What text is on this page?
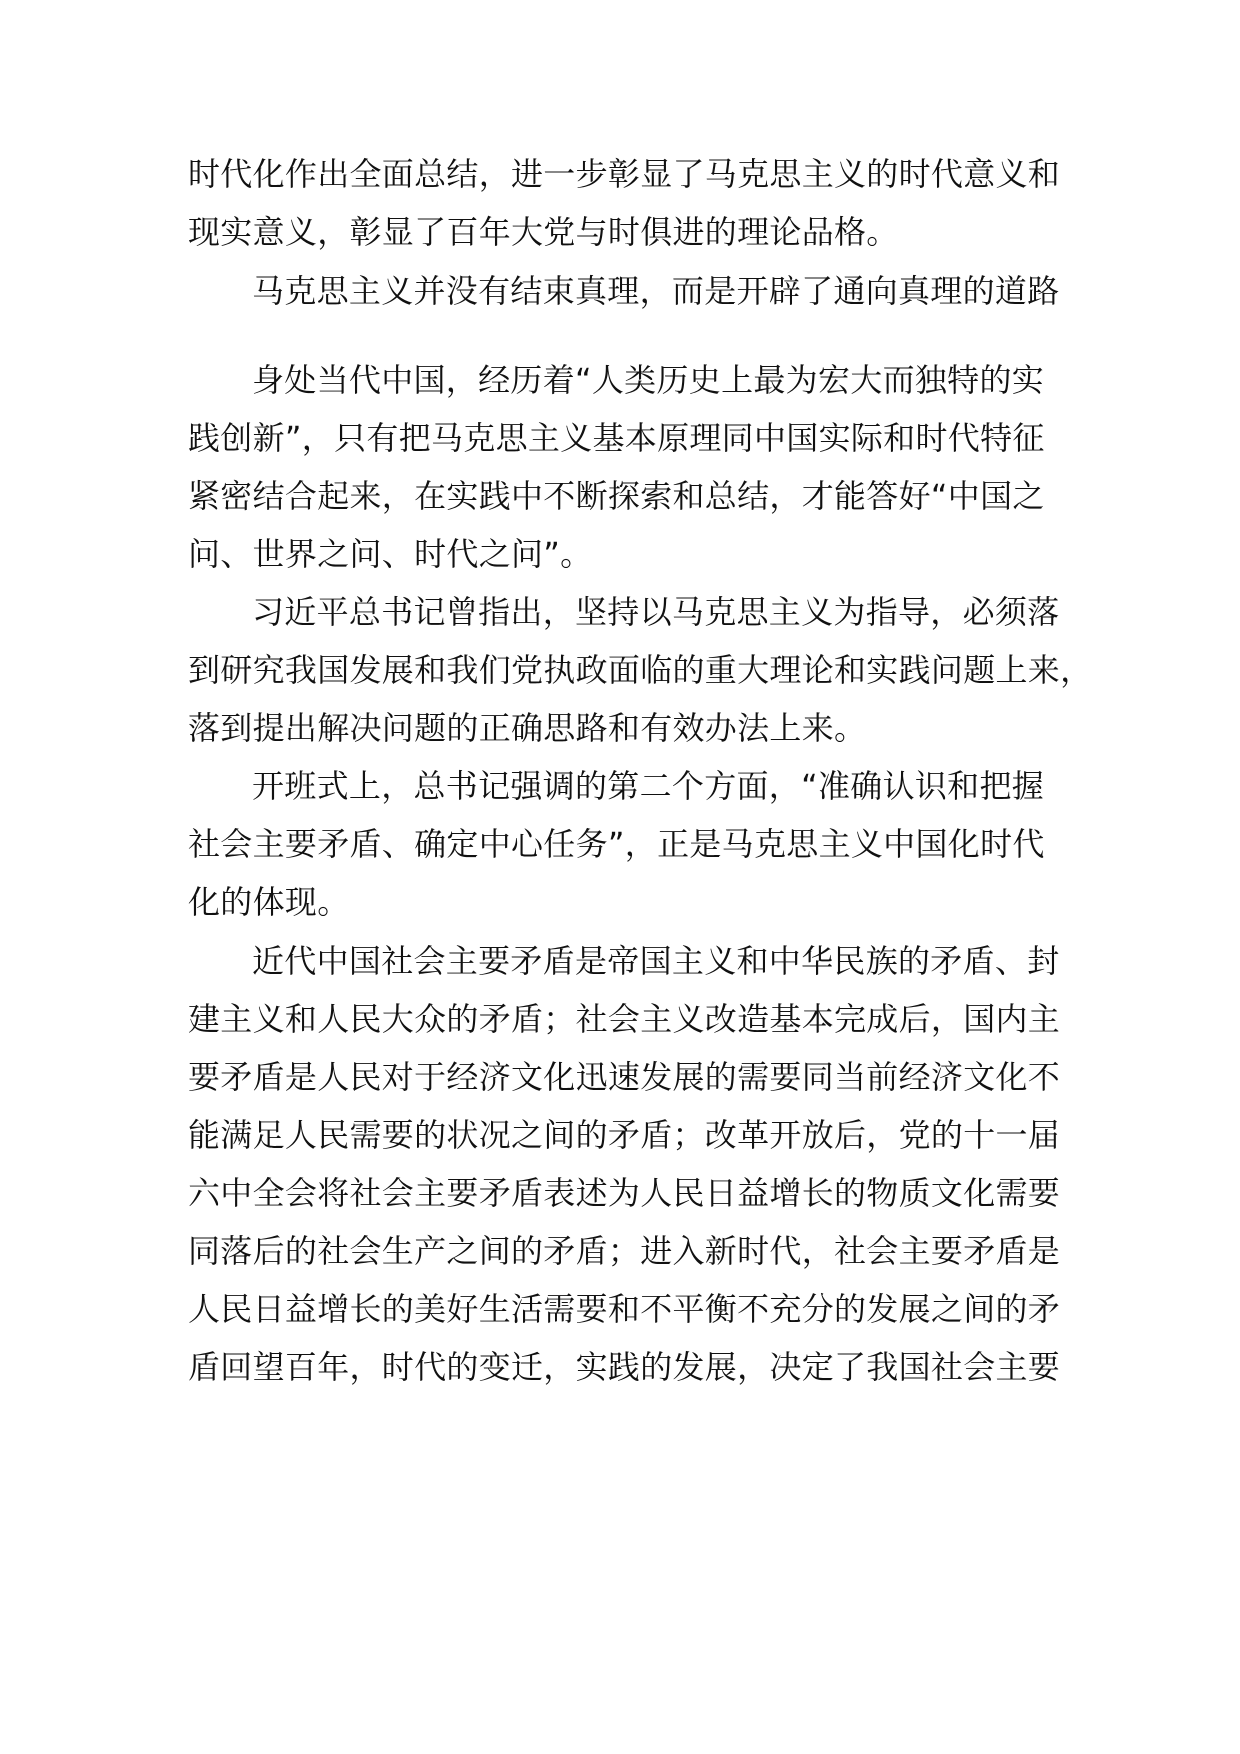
时代化作出全面总结，进一步彰显了马克思主义的时代意义和
现实意义，彰显了百年大党与时俱进的理论品格。
马克思主义并没有结束真理，而是开辟了通向真理的道路
身处当代中国，经历着“人类历史上最为宏大而独特的实
践创新”，只有把马克思主义基本原理同中国实际和时代特征
紧密结合起来，在实践中不断探索和总结，才能答好“中国之
问、世界之问、时代之问”。
习近平总书记曾指出，坚持以马克思主义为指导，必须落
到研究我国发展和我们党执政面临的重大理论和实践问题上来，
落到提出解决问题的正确思路和有效办法上来。
开班式上，总书记强调的第二个方面，“准确认识和把握
社会主要矛盾、确定中心任务”，正是马克思主义中国化时代
化的体现。
近代中国社会主要矛盾是帝国主义和中华民族的矛盾、封
建主义和人民大众的矛盾；社会主义改造基本完成后，国内主
要矛盾是人民对于经济文化迅速发展的需要同当前经济文化不
能满足人民需要的状况之间的矛盾；改革开放后，党的十一届
六中全会将社会主要矛盾表述为人民日益增长的物质文化需要
同落后的社会生产之间的矛盾；进入新时代，社会主要矛盾是
人民日益增长的美好生活需要和不平衡不充分的发展之间的矛
盾回望百年，时代的变迁，实践的发展，决定了我国社会主要
